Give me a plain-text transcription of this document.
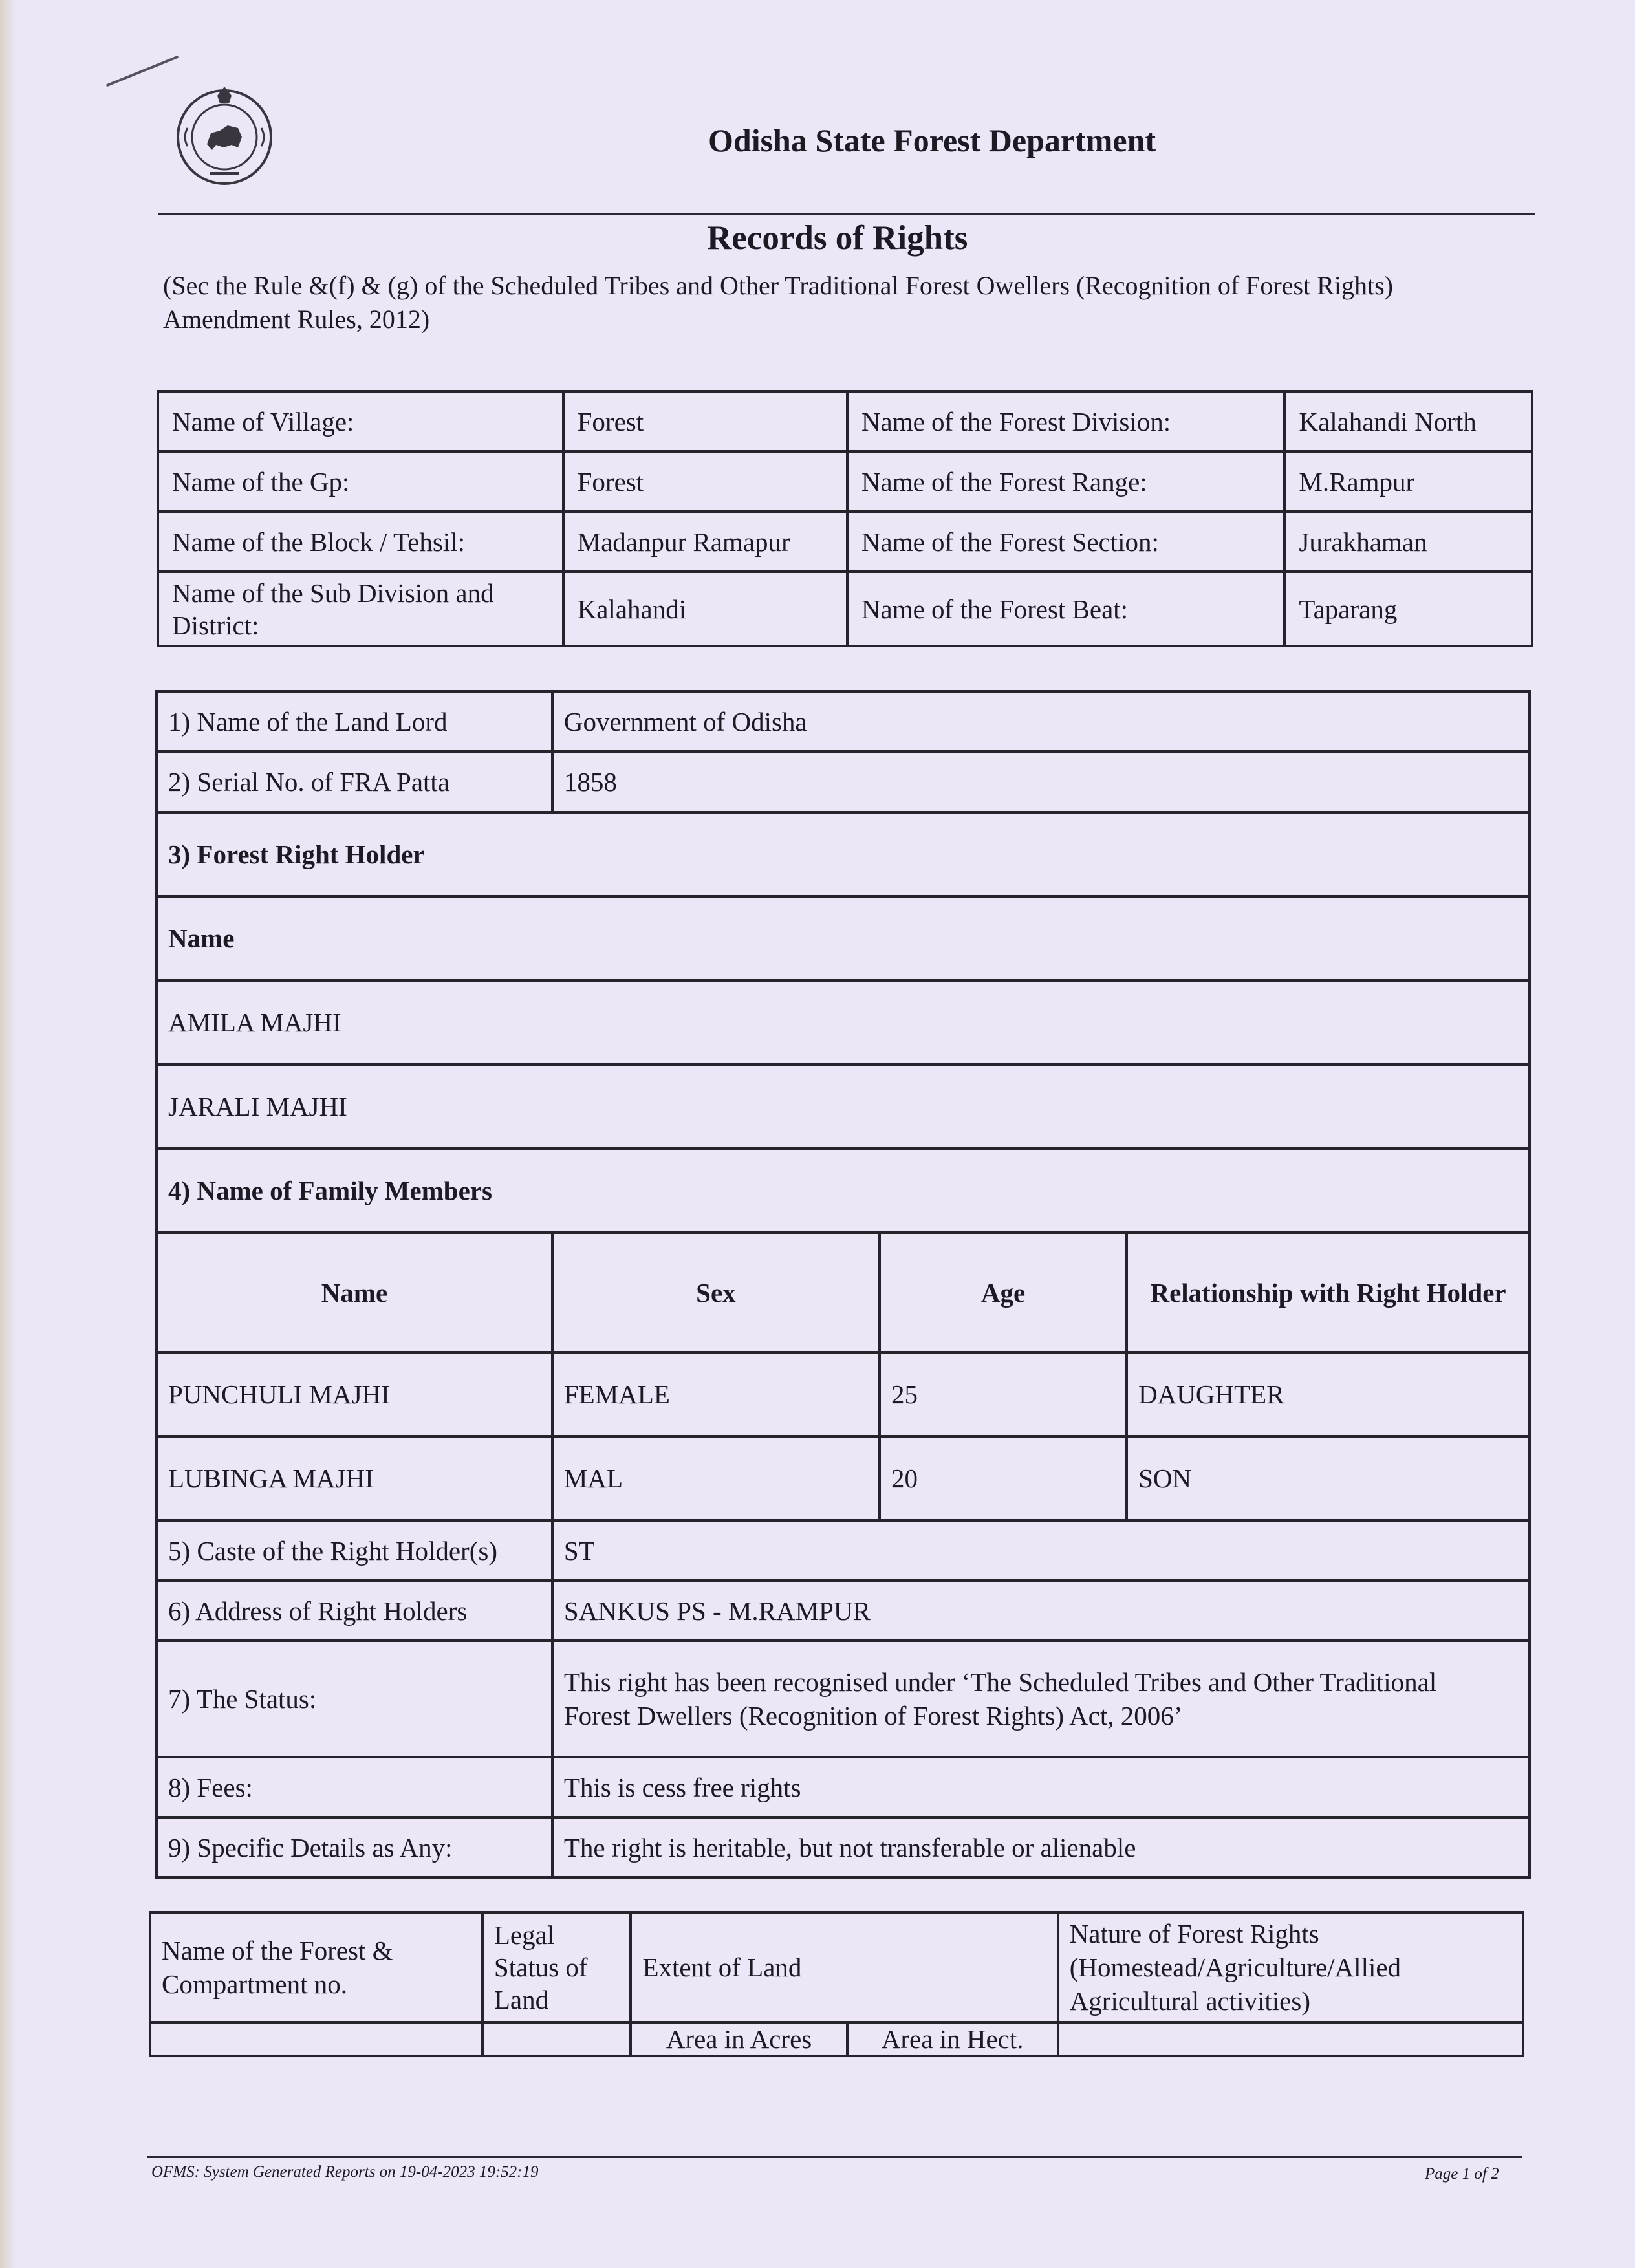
Odisha State Forest Department
Records of Rights
(Sec the Rule &(f) & (g) of the Scheduled Tribes and Other Traditional Forest Owellers (Recognition of Forest Rights) Amendment Rules, 2012)
Name of Village:	Forest	Name of the Forest Division:	Kalahandi North
Name of the Gp:	Forest	Name of the Forest Range:	M.Rampur
Name of the Block / Tehsil:	Madanpur Ramapur	Name of the Forest Section:	Jurakhaman
Name of the Sub Division and District:	Kalahandi	Name of the Forest Beat:	Taparang
1) Name of the Land Lord	Government of Odisha		
2) Serial No. of FRA Patta	1858		
3) Forest Right Holder			
Name			
AMILA MAJHI			
JARALI MAJHI			
4) Name of Family Members			
Name	Sex	Age	Relationship with Right Holder
PUNCHULI MAJHI	FEMALE	25	DAUGHTER
LUBINGA MAJHI	MAL	20	SON
5) Caste of the Right Holder(s)	ST		
6) Address of Right Holders	SANKUS PS - M.RAMPUR		
7) The Status:	This right has been recognised under ‘The Scheduled Tribes and Other Traditional
Forest Dwellers (Recognition of Forest Rights) Act, 2006’		

8) Fees:	This is cess free rights		
9) Specific Details as Any:	The right is heritable, but not transferable or alienable		
Name of the Forest & Compartment no.	Legal Status of Land	Extent of Land		Nature of Forest Rights (Homestead/Agriculture/Allied Agricultural activities)
		Area in Acres	Area in Hect.	
OFMS: System Generated Reports on 19-04-2023 19:52:19	Page 1 of 2
